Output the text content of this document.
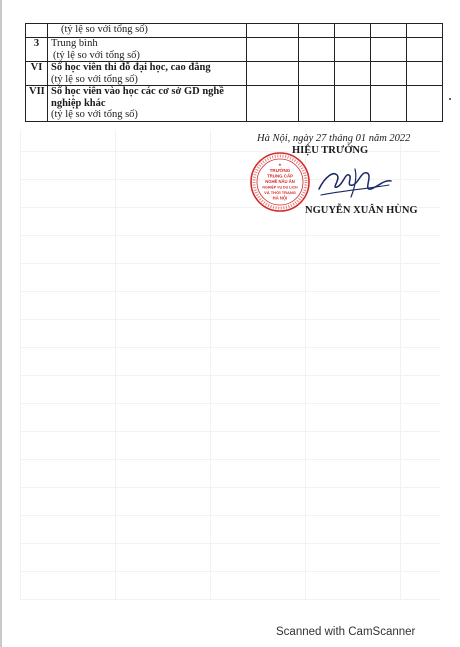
	(tỷ lệ so với tổng số)					

3	Trung bình
(tỷ lệ so với tổng số)					

VI	Số học viên thi đỗ đại học, cao đẳng
(tỷ lệ so với tổng số)					

VII	Số học viên vào học các cơ sở GD nghề nghiệp khác
(tỷ lệ so với tổng số)					

Hà Nội, ngày 27 tháng 01 năm 2022
HIỆU TRƯỞNG
★
TRƯỜNG
TRUNG CẤP
NGHỀ NẤU ĂN
NGHIỆP VỤ DU LỊCH
VÀ THỜI TRANG
HÀ NỘI
NGUYỄN XUÂN HÙNG
Scanned with CamScanner
